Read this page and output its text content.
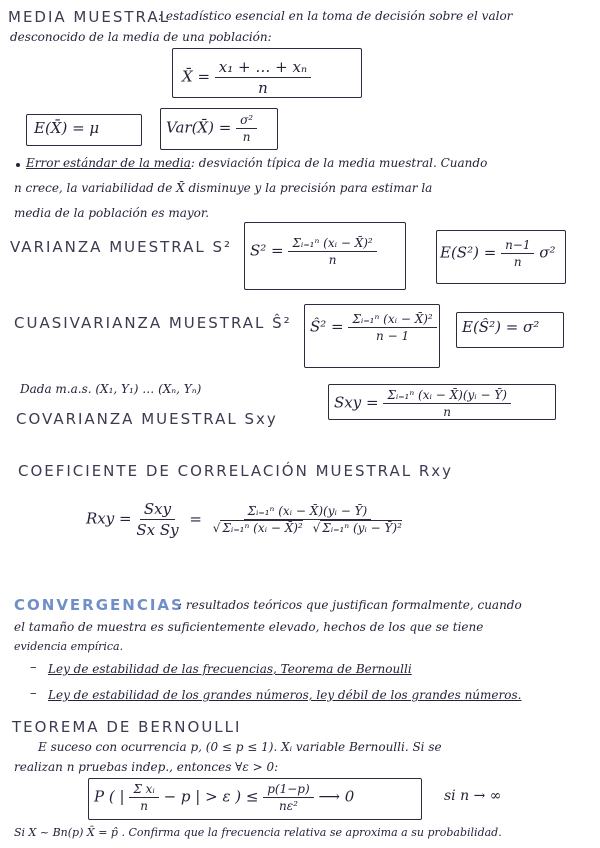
MEDIA MUESTRAL
: estadístico esencial en la toma de decisión sobre el valor
desconocido de la media de una población:
X̄ = $\frac{\text{x₁ + … + xₙ}}{n}$
E(X̄) = μ	Var(X̄) = $\frac{\text{σ²}}{n}$
Error estándar de la media: desviación típica de la media muestral. Cuando
n crece, la variabilidad de X̄ disminuye y la precisión para estimar la
media de la población es mayor.
VARIANZA MUESTRAL S² $S^2 = \frac{\text{Σᵢ₌₁ⁿ (xᵢ − X̄)²}}{n}$	$E(S^2) = \frac{n-1}{n} \sigma^2$
CUASIVARIANZA MUESTRAL Ŝ² Ŝ² = $\frac{\text{Σᵢ₌₁ⁿ (xᵢ − X̄)²}}{n - 1}$ E(Ŝ²) = σ²
Dada m.a.s. (X₁, Y₁) … (Xₙ, Yₙ)
COVARIANZA MUESTRAL Sxy
Sxy = $\frac{\text{Σᵢ₌₁ⁿ (xᵢ − X̄)(yᵢ − Ȳ)}}{n}$
COEFICIENTE DE CORRELACIÓN MUESTRAL Rxy
Rxy = $\frac{\text{Sxy}}{\text{Sx Sy}} = \frac{\text{Σᵢ₌₁ⁿ (xᵢ − X̄)(yᵢ − Ȳ)}}{\text{√ Σᵢ₌₁ⁿ (xᵢ − X̄)² √ Σᵢ₌₁ⁿ (yᵢ − Ȳ)²}}$
CONVERGENCIAS
: resultados teóricos que justifican formalmente, cuando
el tamaño de muestra es suficientemente elevado, hechos de los que se tiene
evidencia empírica.
– Ley de estabilidad de las frecuencias, Teorema de Bernoulli
– Ley de estabilidad de los grandes números, ley débil de los grandes números.
TEOREMA DE BERNOULLI
E suceso con ocurrencia p, (0 ≤ p ≤ 1). Xᵢ variable Bernoulli. Si se
realizan n pruebas indep., entonces ∀ε > 0:
P ( | $\frac{\text{Σ xᵢ}}{n} - p$ | > ε ) ≤ $\frac{p(1-p)}{\text{nε²}}$ ⟶ 0	si n → ∞
Si X ~ Bn(p) X̄ = p̂ . Confirma que la frecuencia relativa se aproxima a su probabilidad.
